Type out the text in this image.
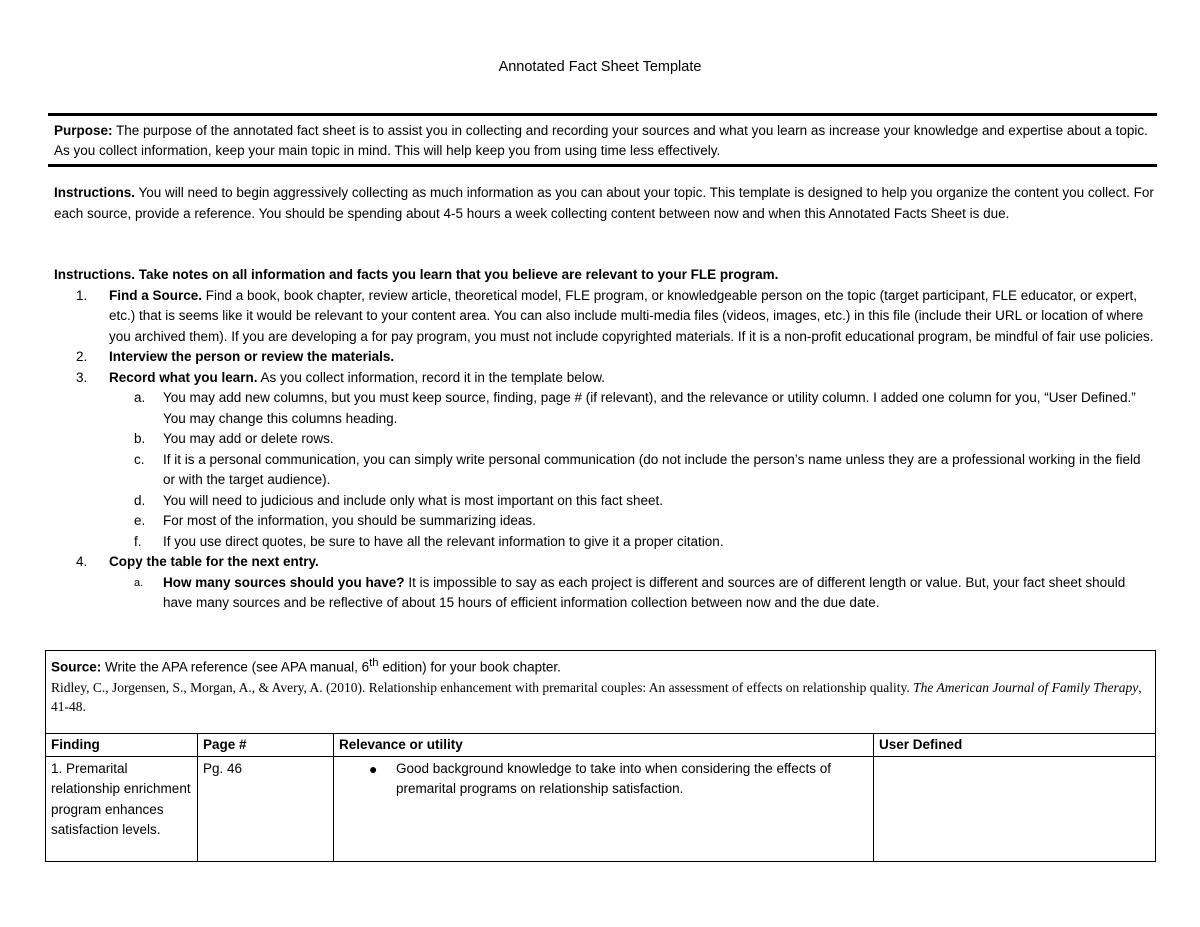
Annotated Fact Sheet Template
Purpose: The purpose of the annotated fact sheet is to assist you in collecting and recording your sources and what you learn as increase your knowledge and expertise about a topic. As you collect information, keep your main topic in mind. This will help keep you from using time less effectively.
Instructions. You will need to begin aggressively collecting as much information as you can about your topic. This template is designed to help you organize the content you collect. For each source, provide a reference. You should be spending about 4-5 hours a week collecting content between now and when this Annotated Facts Sheet is due.
Instructions. Take notes on all information and facts you learn that you believe are relevant to your FLE program.
1. Find a Source. Find a book, book chapter, review article, theoretical model, FLE program, or knowledgeable person on the topic (target participant, FLE educator, or expert, etc.) that is seems like it would be relevant to your content area. You can also include multi-media files (videos, images, etc.) in this file (include their URL or location of where you archived them). If you are developing a for pay program, you must not include copyrighted materials. If it is a non-profit educational program, be mindful of fair use policies.
2. Interview the person or review the materials.
3. Record what you learn. As you collect information, record it in the template below.
a. You may add new columns, but you must keep source, finding, page # (if relevant), and the relevance or utility column. I added one column for you, “User Defined.” You may change this columns heading.
b. You may add or delete rows.
c. If it is a personal communication, you can simply write personal communication (do not include the person’s name unless they are a professional working in the field or with the target audience).
d. You will need to judicious and include only what is most important on this fact sheet.
e. For most of the information, you should be summarizing ideas.
f. If you use direct quotes, be sure to have all the relevant information to give it a proper citation.
4. Copy the table for the next entry.
a. How many sources should you have? It is impossible to say as each project is different and sources are of different length or value. But, your fact sheet should have many sources and be reflective of about 15 hours of efficient information collection between now and the due date.
Source: Write the APA reference (see APA manual, 6th edition) for your book chapter.
Ridley, C., Jorgensen, S., Morgan, A., & Avery, A. (2010). Relationship enhancement with premarital couples: An assessment of effects on relationship quality. The American Journal of Family Therapy, 41-48.			

Finding	Page #	Relevance or utility	User Defined
1. Premarital relationship enrichment program enhances satisfaction levels.	Pg. 46	● Good background knowledge to take into when considering the effects of premarital programs on relationship satisfaction.	
